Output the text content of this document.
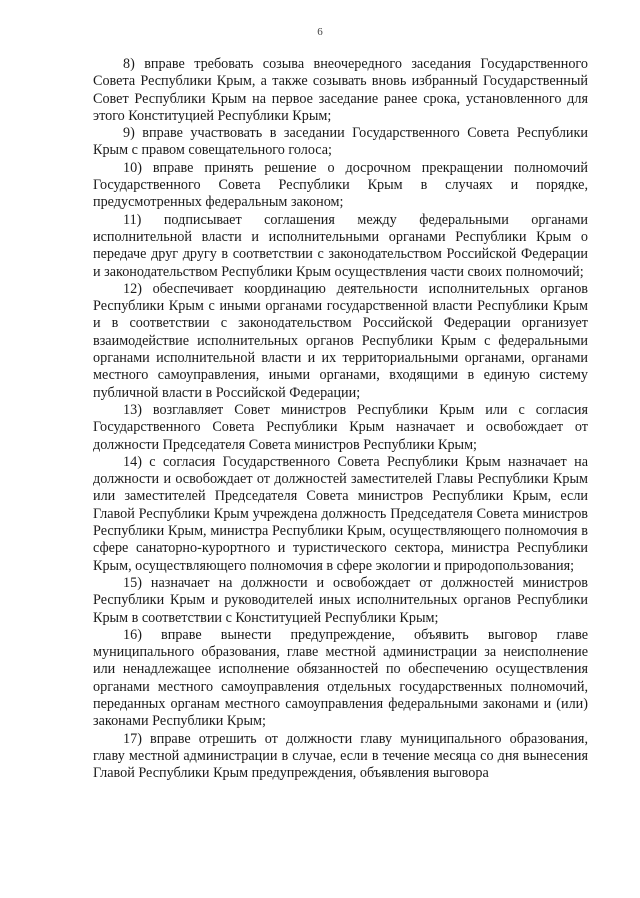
6

8) вправе требовать созыва внеочередного заседания Государственного Совета Республики Крым, а также созывать вновь избранный Государственный Совет Республики Крым на первое заседание ранее срока, установленного для этого Конституцией Республики Крым;

9) вправе участвовать в заседании Государственного Совета Республики Крым с правом совещательного голоса;

10) вправе принять решение о досрочном прекращении полномочий Государственного Совета Республики Крым в случаях и порядке, предусмотренных федеральным законом;

11) подписывает соглашения между федеральными органами исполнительной власти и исполнительными органами Республики Крым о передаче друг другу в соответствии с законодательством Российской Федерации и законодательством Республики Крым осуществления части своих полномочий;

12) обеспечивает координацию деятельности исполнительных органов Республики Крым с иными органами государственной власти Республики Крым и в соответствии с законодательством Российской Федерации организует взаимодействие исполнительных органов Республики Крым с федеральными органами исполнительной власти и их территориальными органами, органами местного самоуправления, иными органами, входящими в единую систему публичной власти в Российской Федерации;

13) возглавляет Совет министров Республики Крым или с согласия Государственного Совета Республики Крым назначает и освобождает от должности Председателя Совета министров Республики Крым;

14) с согласия Государственного Совета Республики Крым назначает на должности и освобождает от должностей заместителей Главы Республики Крым или заместителей Председателя Совета министров Республики Крым, если Главой Республики Крым учреждена должность Председателя Совета министров Республики Крым, министра Республики Крым, осуществляющего полномочия в сфере санаторно-курортного и туристического сектора, министра Республики Крым, осуществляющего полномочия в сфере экологии и природопользования;

15) назначает на должности и освобождает от должностей министров Республики Крым и руководителей иных исполнительных органов Республики Крым в соответствии с Конституцией Республики Крым;

16) вправе вынести предупреждение, объявить выговор главе муниципального образования, главе местной администрации за неисполнение или ненадлежащее исполнение обязанностей по обеспечению осуществления органами местного самоуправления отдельных государственных полномочий, переданных органам местного самоуправления федеральными законами и (или) законами Республики Крым;

17) вправе отрешить от должности главу муниципального образования, главу местной администрации в случае, если в течение месяца со дня вынесения Главой Республики Крым предупреждения, объявления выговора
